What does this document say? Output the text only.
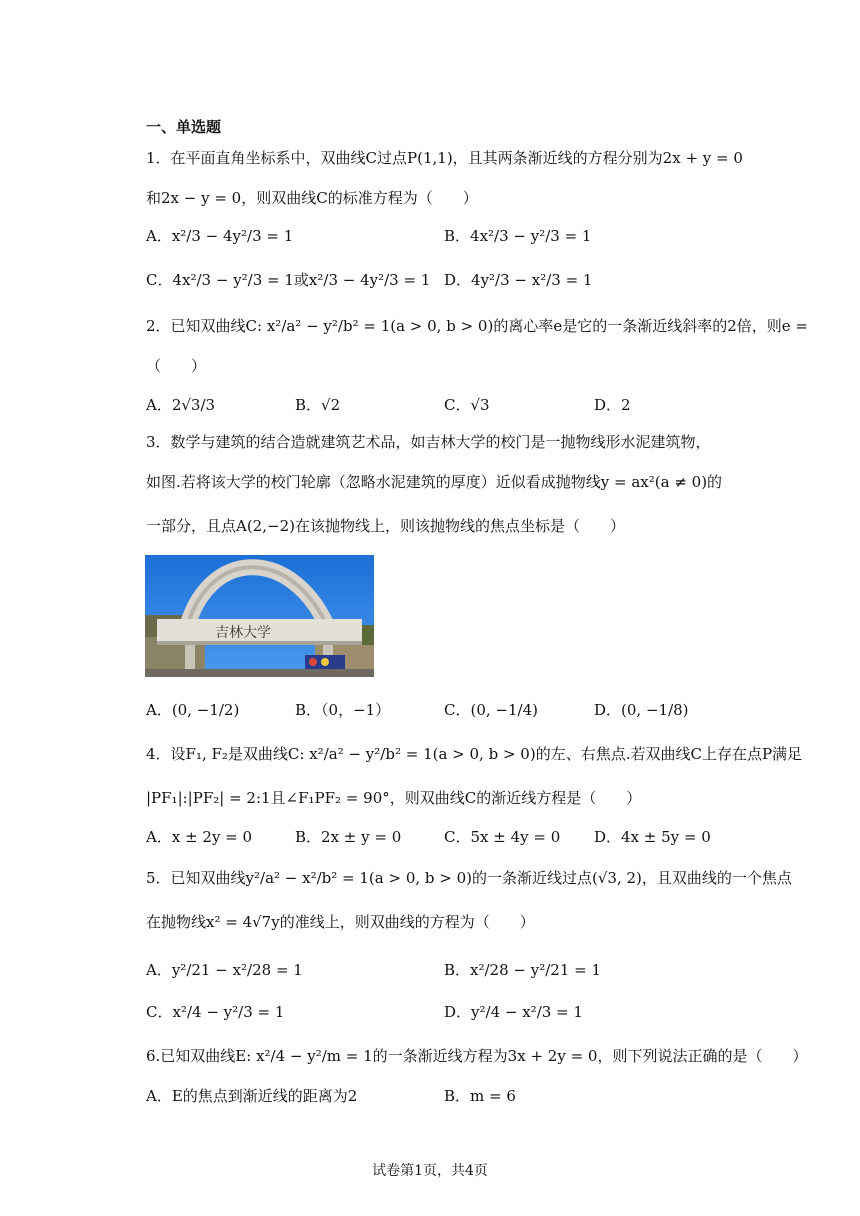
一、单选题
1．在平面直角坐标系中，双曲线C过点P(1,1)，且其两条渐近线的方程分别为2x + y = 0
和2x − y = 0，则双曲线C的标准方程为（　　）
A．x²/3 − 4y²/3 = 1	B．4x²/3 − y²/3 = 1
C．4x²/3 − y²/3 = 1或x²/3 − 4y²/3 = 1 D．4y²/3 − x²/3 = 1
2．已知双曲线C: x²/a² − y²/b² = 1(a > 0, b > 0)的离心率e是它的一条渐近线斜率的2倍，则e =
（　　）
A．2√3/3	B．√2	C．√3	D．2
3．数学与建筑的结合造就建筑艺术品，如吉林大学的校门是一抛物线形水泥建筑物，
如图.若将该大学的校门轮廓（忽略水泥建筑的厚度）近似看成抛物线y = ax²(a ≠ 0)的
一部分，且点A(2,−2)在该抛物线上，则该抛物线的焦点坐标是（　　）
吉林大学
A．(0, −1/2)	B．（0，−1）	C．(0, −1/4)	D．(0, −1/8)
4．设F₁, F₂是双曲线C: x²/a² − y²/b² = 1(a > 0, b > 0)的左、右焦点.若双曲线C上存在点P满足
|PF₁|:|PF₂| = 2:1且∠F₁PF₂ = 90°，则双曲线C的渐近线方程是（　　）
A．x ± 2y = 0	B．2x ± y = 0	C．5x ± 4y = 0 D．4x ± 5y = 0
5．已知双曲线y²/a² − x²/b² = 1(a > 0, b > 0)的一条渐近线过点(√3, 2)，且双曲线的一个焦点
在抛物线x² = 4√7y的准线上，则双曲线的方程为（　　）
A．y²/21 − x²/28 = 1	B．x²/28 − y²/21 = 1
C．x²/4 − y²/3 = 1	D．y²/4 − x²/3 = 1
6.已知双曲线E: x²/4 − y²/m = 1的一条渐近线方程为3x + 2y = 0，则下列说法正确的是（　　）
A．E的焦点到渐近线的距离为2	B．m = 6
试卷第1页，共4页
